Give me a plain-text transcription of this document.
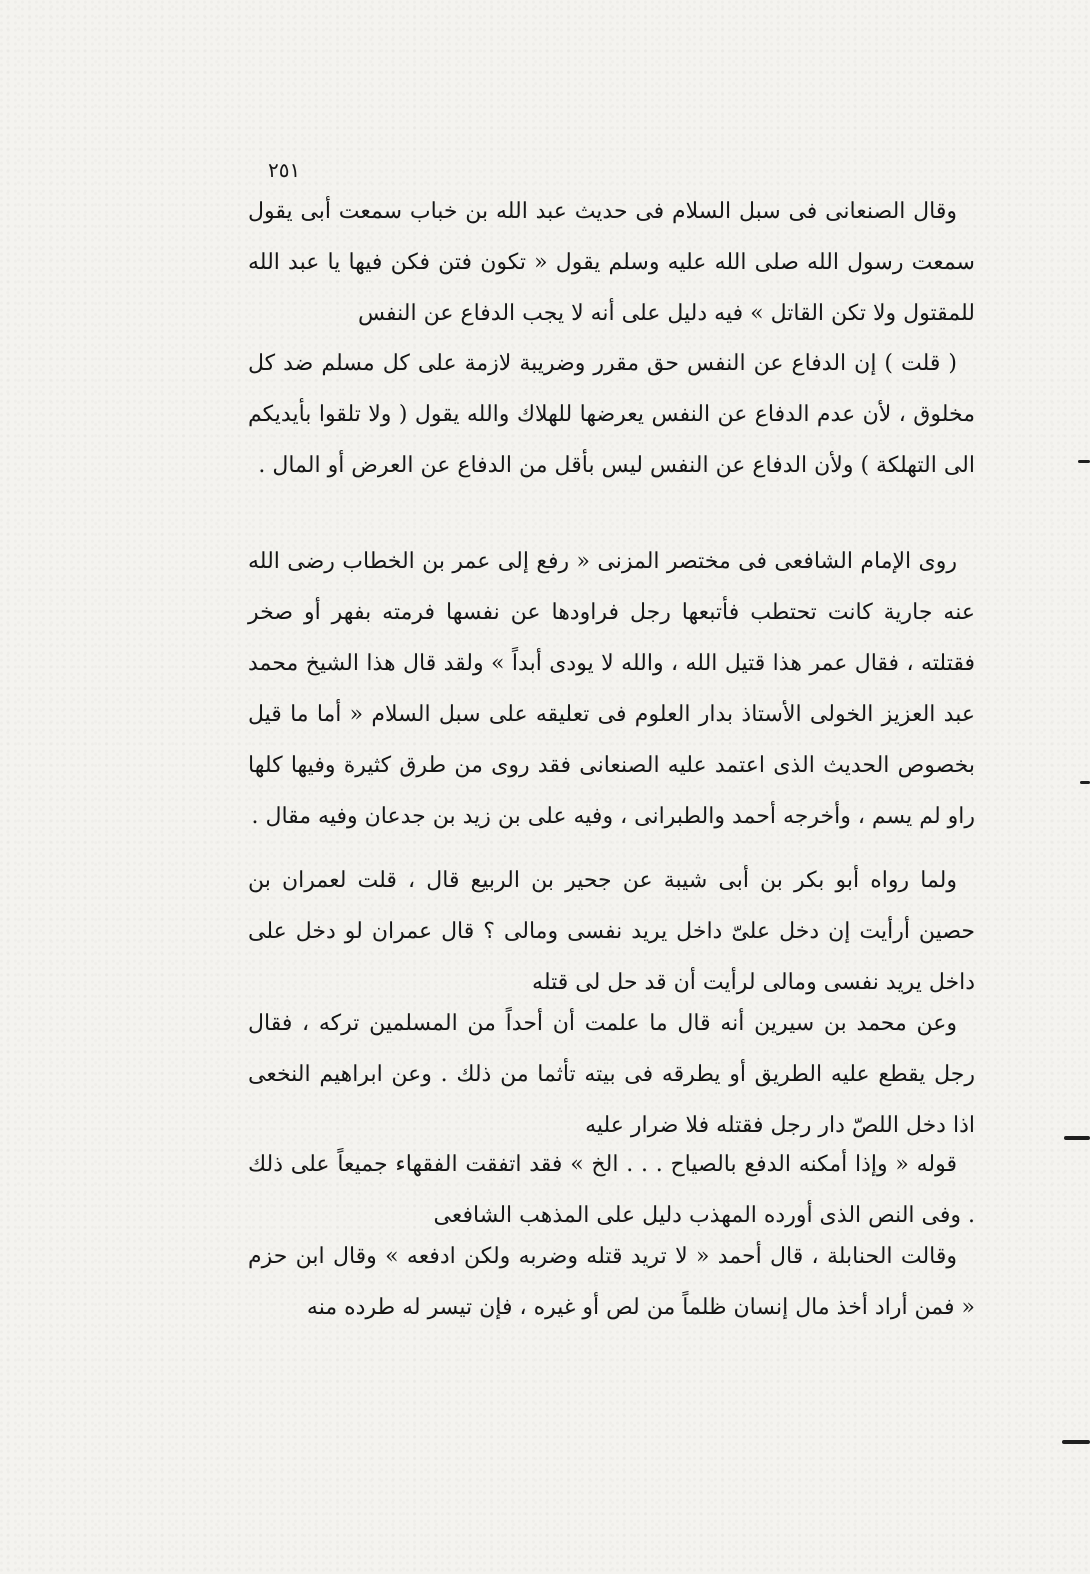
٢٥١

وقال الصنعانى فى سبل السلام فى حديث عبد الله بن خباب سمعت أبى يقول سمعت رسول الله صلى الله عليه وسلم يقول « تكون فتن فكن فيها يا عبد الله للمقتول ولا تكن القاتل » فيه دليل على أنه لا يجب الدفاع عن النفس

( قلت ) إن الدفاع عن النفس حق مقرر وضريبة لازمة على كل مسلم ضد كل مخلوق ، لأن عدم الدفاع عن النفس يعرضها للهلاك والله يقول ( ولا تلقوا بأيديكم الى التهلكة ) ولأن الدفاع عن النفس ليس بأقل من الدفاع عن العرض أو المال .

روى الإمام الشافعى فى مختصر المزنى « رفع إلى عمر بن الخطاب رضى الله عنه جارية كانت تحتطب فأتبعها رجل فراودها عن نفسها فرمته بفهر أو صخر فقتلته ، فقال عمر هذا قتيل الله ، والله لا يودى أبداً » ولقد قال هذا الشيخ محمد عبد العزيز الخولى الأستاذ بدار العلوم فى تعليقه على سبل السلام « أما ما قيل بخصوص الحديث الذى اعتمد عليه الصنعانى فقد روى من طرق كثيرة وفيها كلها راو لم يسم ، وأخرجه أحمد والطبرانى ، وفيه على بن زيد بن جدعان وفيه مقال .

ولما رواه أبو بكر بن أبى شيبة عن جحير بن الربيع قال ، قلت لعمران بن حصين أرأيت إن دخل علىّ داخل يريد نفسى ومالى ؟ قال عمران لو دخل على داخل يريد نفسى ومالى لرأيت أن قد حل لى قتله

وعن محمد بن سيرين أنه قال ما علمت أن أحداً من المسلمين تركه ، فقال رجل يقطع عليه الطريق أو يطرقه فى بيته تأثما من ذلك . وعن ابراهيم النخعى اذا دخل اللصّ دار رجل فقتله فلا ضرار عليه

قوله « وإذا أمكنه الدفع بالصياح . . . الخ » فقد اتفقت الفقهاء جميعاً على ذلك . وفى النص الذى أورده المهذب دليل على المذهب الشافعى

وقالت الحنابلة ، قال أحمد « لا تريد قتله وضربه ولكن ادفعه » وقال ابن حزم « فمن أراد أخذ مال إنسان ظلماً من لص أو غيره ، فإن تيسر له طرده منه
